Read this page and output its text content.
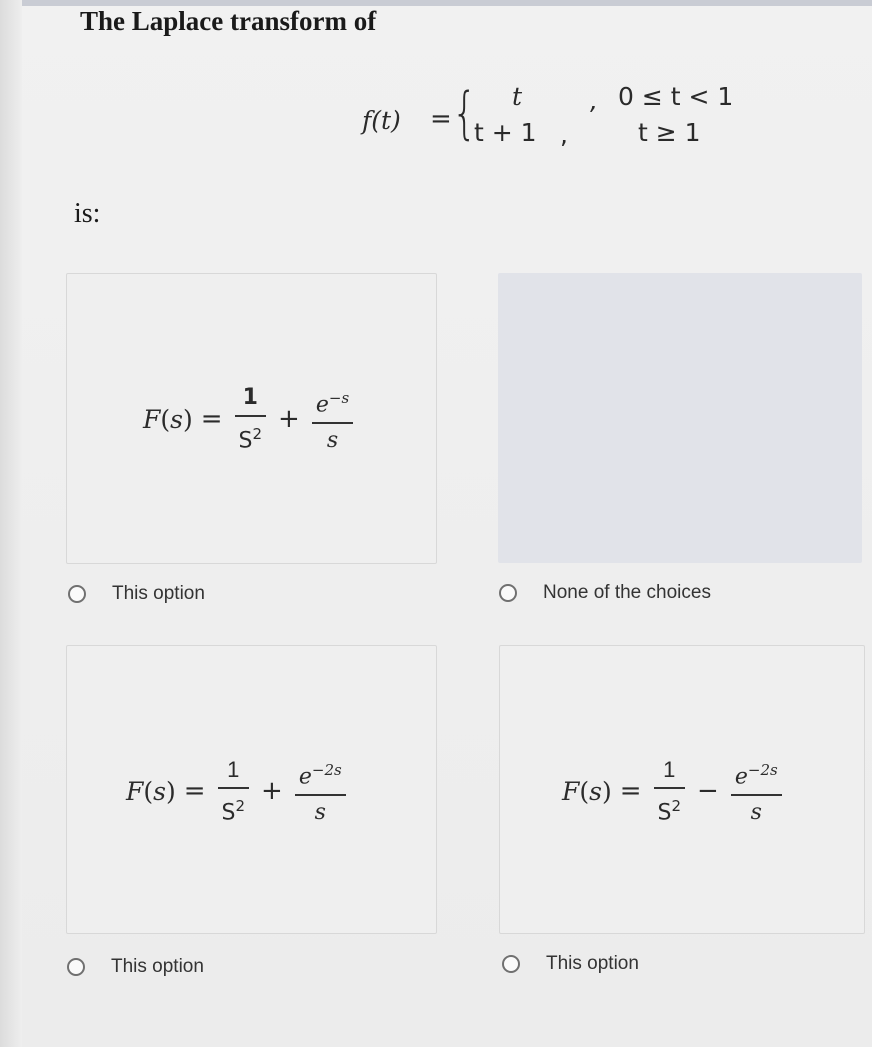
The Laplace transform of
f(t) = { t	, 0 ≤ t < 1
t + 1 ,	t ≥ 1
is:
$F(s) = \frac{1}{S^2} + \frac{e^{-s}}{s}$
This option	None of the choices
$F(s) = \frac{1}{S^2} + \frac{e^{-2s}}{s}$
This option
$F(s) = \frac{1}{S^2} - \frac{e^{-2s}}{s}$
This option
